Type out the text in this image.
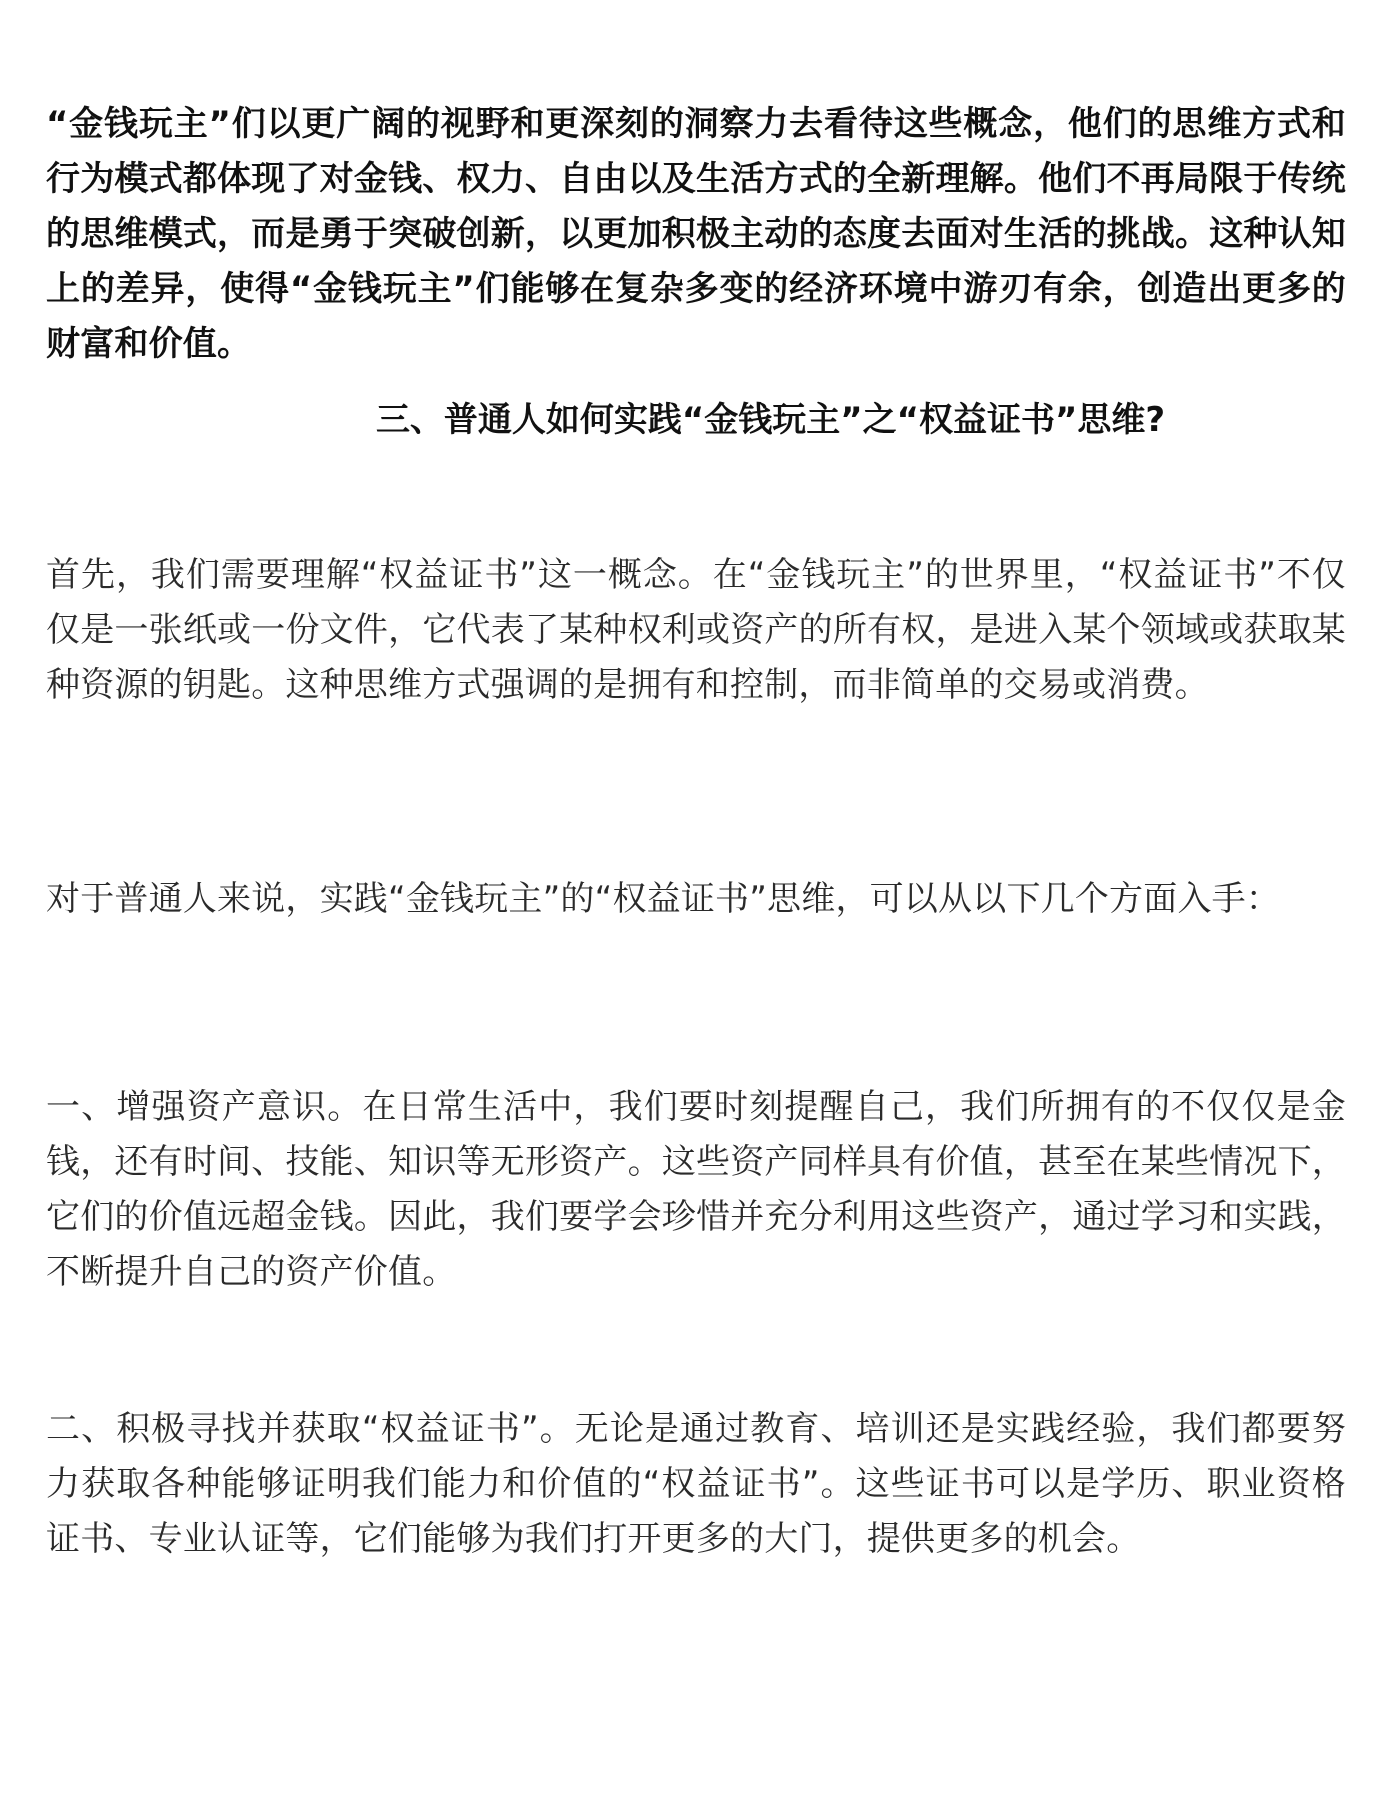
“金钱玩主”们以更广阔的视野和更深刻的洞察力去看待这些概念，他们的思维方式和行为模式都体现了对金钱、权力、自由以及生活方式的全新理解。他们不再局限于传统的思维模式，而是勇于突破创新，以更加积极主动的态度去面对生活的挑战。这种认知上的差异，使得“金钱玩主”们能够在复杂多变的经济环境中游刃有余，创造出更多的财富和价值。

三、普通人如何实践“金钱玩主”之“权益证书”思维?

首先，我们需要理解“权益证书”这一概念。在“金钱玩主”的世界里，“权益证书”不仅仅是一张纸或一份文件，它代表了某种权利或资产的所有权，是进入某个领域或获取某种资源的钥匙。这种思维方式强调的是拥有和控制，而非简单的交易或消费。

对于普通人来说，实践“金钱玩主”的“权益证书”思维，可以从以下几个方面入手：

一、增强资产意识。在日常生活中，我们要时刻提醒自己，我们所拥有的不仅仅是金钱，还有时间、技能、知识等无形资产。这些资产同样具有价值，甚至在某些情况下，它们的价值远超金钱。因此，我们要学会珍惜并充分利用这些资产，通过学习和实践，不断提升自己的资产价值。

二、积极寻找并获取“权益证书”。无论是通过教育、培训还是实践经验，我们都要努力获取各种能够证明我们能力和价值的“权益证书”。这些证书可以是学历、职业资格证书、专业认证等，它们能够为我们打开更多的大门，提供更多的机会。
